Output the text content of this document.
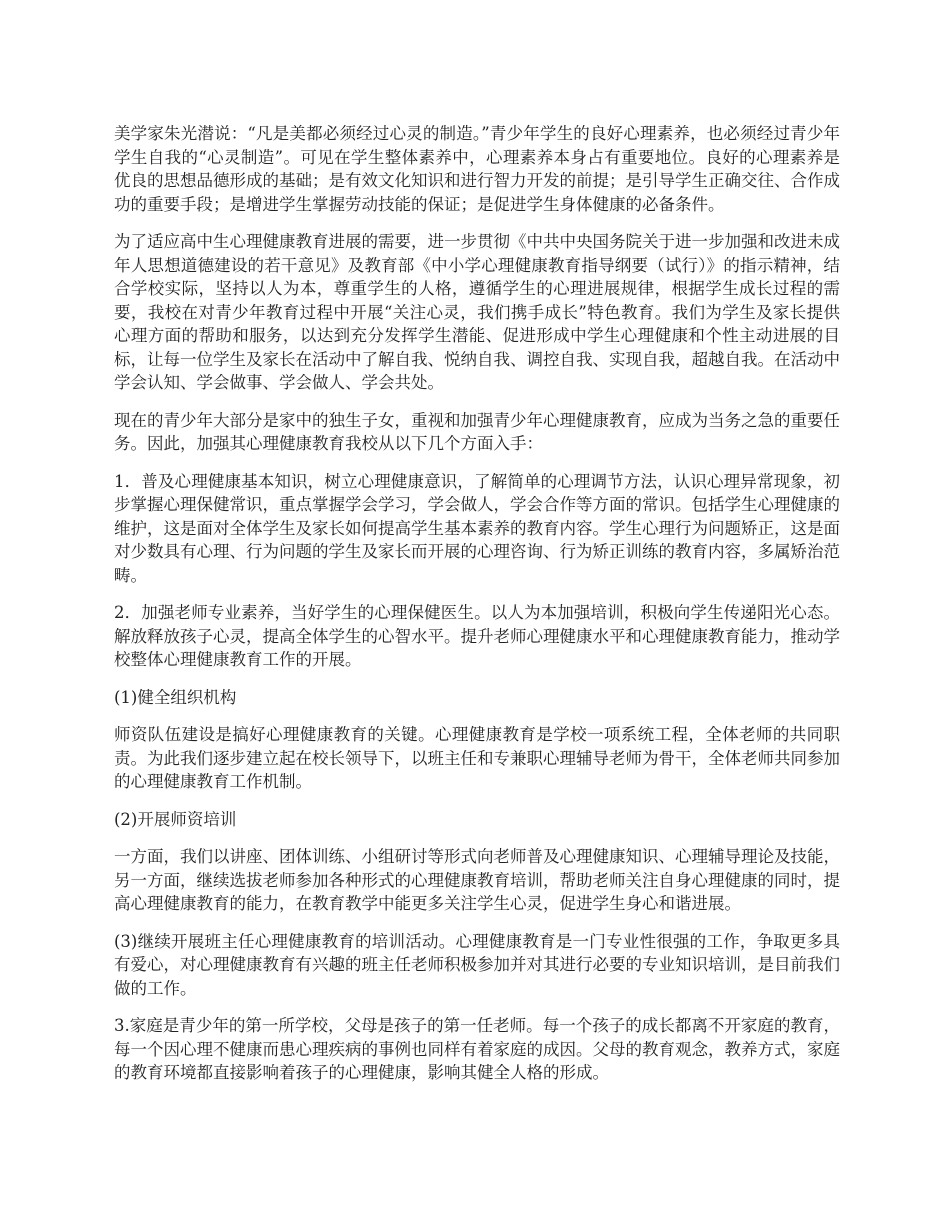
美学家朱光潜说：“凡是美都必须经过心灵的制造。”青少年学生的良好心理素养，也必须经过青少年学生自我的“心灵制造”。可见在学生整体素养中，心理素养本身占有重要地位。良好的心理素养是优良的思想品德形成的基础；是有效文化知识和进行智力开发的前提；是引导学生正确交往、合作成功的重要手段；是增进学生掌握劳动技能的保证；是促进学生身体健康的必备条件。

为了适应高中生心理健康教育进展的需要，进一步贯彻《中共中央国务院关于进一步加强和改进未成年人思想道德建设的若干意见》及教育部《中小学心理健康教育指导纲要（试行）》的指示精神，结合学校实际，坚持以人为本，尊重学生的人格，遵循学生的心理进展规律，根据学生成长过程的需要，我校在对青少年教育过程中开展“关注心灵，我们携手成长”特色教育。我们为学生及家长提供心理方面的帮助和服务，以达到充分发挥学生潜能、促进形成中学生心理健康和个性主动进展的目标，让每一位学生及家长在活动中了解自我、悦纳自我、调控自我、实现自我，超越自我。在活动中学会认知、学会做事、学会做人、学会共处。

现在的青少年大部分是家中的独生子女，重视和加强青少年心理健康教育，应成为当务之急的重要任务。因此，加强其心理健康教育我校从以下几个方面入手：

1．普及心理健康基本知识，树立心理健康意识，了解简单的心理调节方法，认识心理异常现象，初步掌握心理保健常识，重点掌握学会学习，学会做人，学会合作等方面的常识。包括学生心理健康的维护，这是面对全体学生及家长如何提高学生基本素养的教育内容。学生心理行为问题矫正，这是面对少数具有心理、行为问题的学生及家长而开展的心理咨询、行为矫正训练的教育内容，多属矫治范畴。

2．加强老师专业素养，当好学生的心理保健医生。以人为本加强培训，积极向学生传递阳光心态。解放释放孩子心灵，提高全体学生的心智水平。提升老师心理健康水平和心理健康教育能力，推动学校整体心理健康教育工作的开展。

(1)健全组织机构

师资队伍建设是搞好心理健康教育的关键。心理健康教育是学校一项系统工程，全体老师的共同职责。为此我们逐步建立起在校长领导下，以班主任和专兼职心理辅导老师为骨干，全体老师共同参加的心理健康教育工作机制。

(2)开展师资培训

一方面，我们以讲座、团体训练、小组研讨等形式向老师普及心理健康知识、心理辅导理论及技能，另一方面，继续选拔老师参加各种形式的心理健康教育培训，帮助老师关注自身心理健康的同时，提高心理健康教育的能力，在教育教学中能更多关注学生心灵，促进学生身心和谐进展。

(3)继续开展班主任心理健康教育的培训活动。心理健康教育是一门专业性很强的工作，争取更多具有爱心，对心理健康教育有兴趣的班主任老师积极参加并对其进行必要的专业知识培训，是目前我们做的工作。

3.家庭是青少年的第一所学校，父母是孩子的第一任老师。每一个孩子的成长都离不开家庭的教育，每一个因心理不健康而患心理疾病的事例也同样有着家庭的成因。父母的教育观念，教养方式，家庭的教育环境都直接影响着孩子的心理健康，影响其健全人格的形成。
